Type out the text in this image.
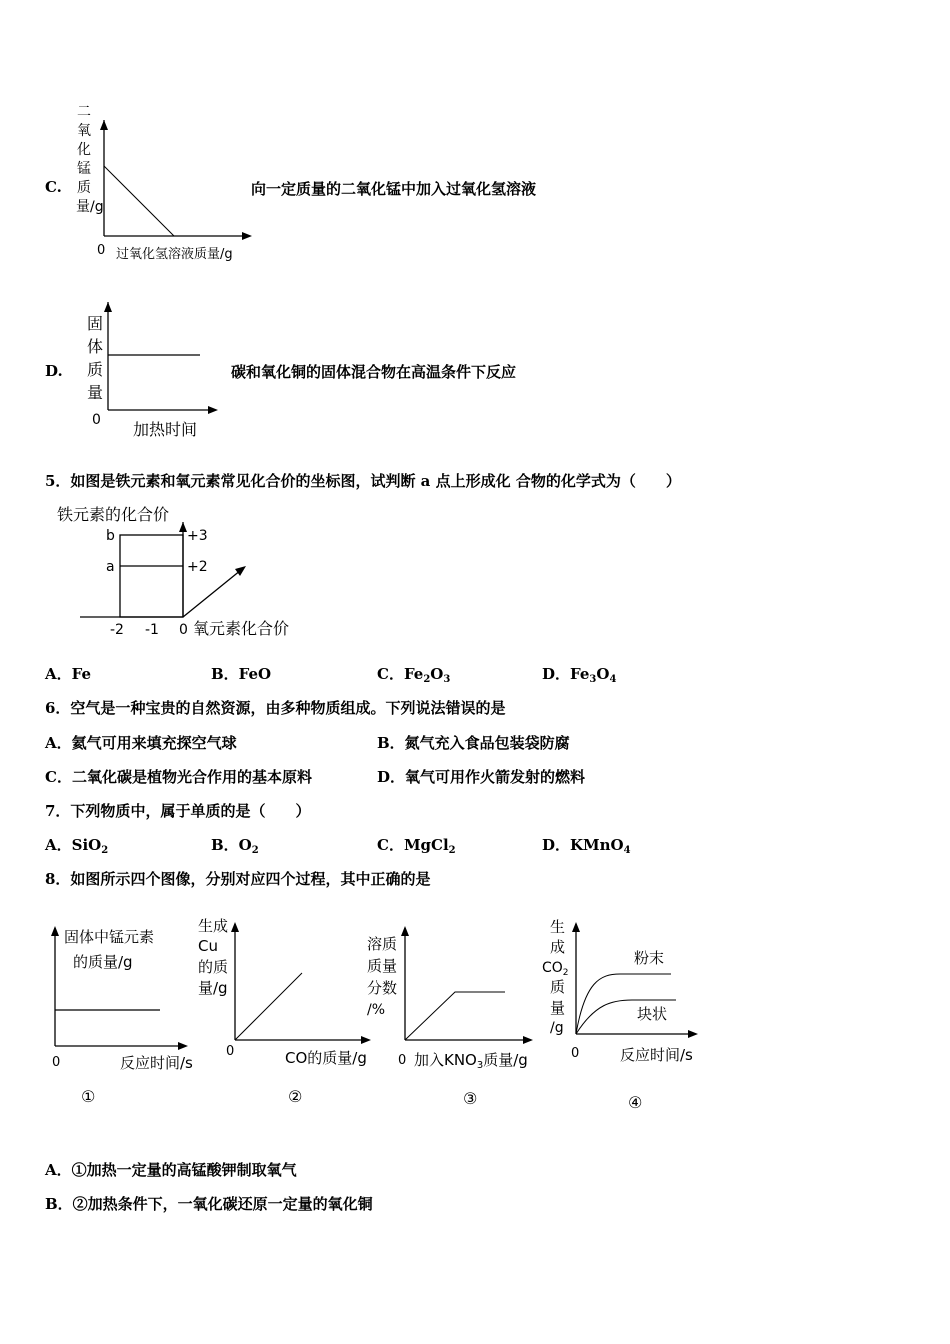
C.
二氧化锰质量/g
0 过氧化氢溶液质量/g
向一定质量的二氧化锰中加入过氧化氢溶液
D.
固体质量
0 加热时间
碳和氧化铜的固体混合物在高温条件下反应
5．如图是铁元素和氧元素常见化合价的坐标图，试判断 a 点上形成化 合物的化学式为（　　）
铁元素的化合价
b
a
+3
+2
-2 -1 0 氧元素化合价
A．Fe	B．FeO	C．$Fe_2O_3$	D．$Fe_3O_4$
6．空气是一种宝贵的自然资源，由多种物质组成。下列说法错误的是
A．氦气可用来填充探空气球	B．氮气充入食品包装袋防腐
C．二氧化碳是植物光合作用的基本原料	D．氧气可用作火箭发射的燃料
7．下列物质中，属于单质的是（　　）
A．SiO$_2$	B．$O_2$	C．MgCl$_2$	D．KMnO$_4$
8．如图所示四个图像，分别对应四个过程，其中正确的是
固体中锰元素
的质量/g
0	反应时间/s
①
生成
Cu
的质
量/g
0	CO的质量/g
②
溶质
质量
分数
/%
0 加入$KNO_3$质量/g
③
生
成
$CO_2$
质
量
/g
粉末
块状
0	反应时间/s
④
A．①加热一定量的高锰酸钾制取氧气
B．②加热条件下，一氧化碳还原一定量的氧化铜
